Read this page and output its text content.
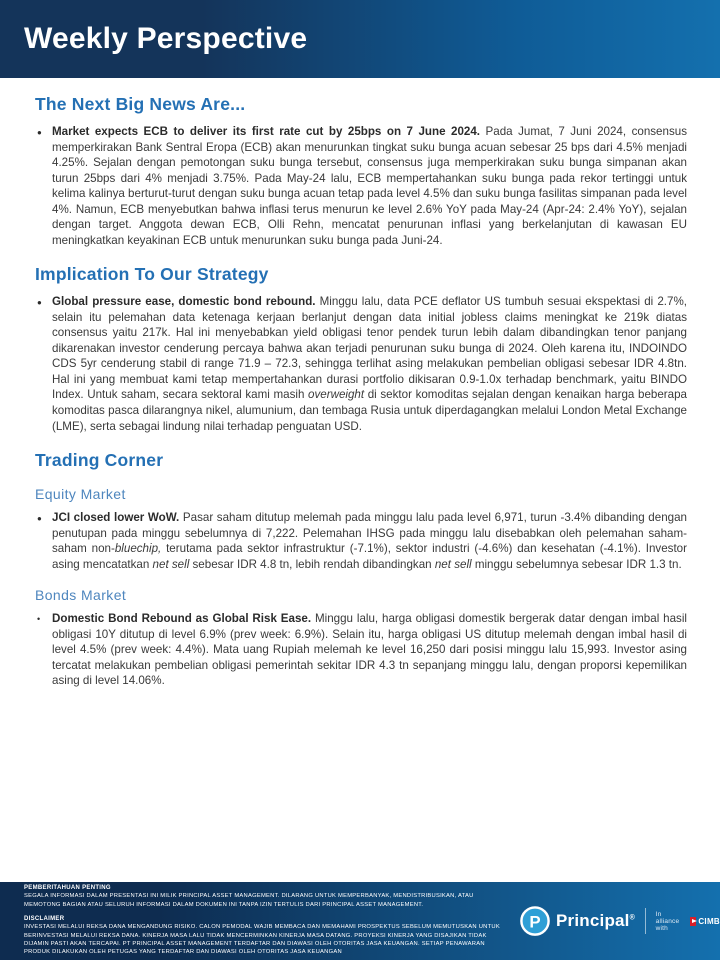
Weekly Perspective
The Next Big News Are...
● Market expects ECB to deliver its first rate cut by 25bps on 7 June 2024. Pada Jumat, 7 Juni 2024, consensus memperkirakan Bank Sentral Eropa (ECB) akan menurunkan tingkat suku bunga acuan sebesar 25 bps dari 4.5% menjadi 4.25%. Sejalan dengan pemotongan suku bunga tersebut, consensus juga memperkirakan suku bunga simpanan akan turun 25bps dari 4% menjadi 3.75%. Pada May-24 lalu, ECB mempertahankan suku bunga pada rekor tertinggi untuk kelima kalinya berturut-turut dengan suku bunga acuan tetap pada level 4.5% dan suku bunga fasilitas simpanan pada level 4%. Namun, ECB menyebutkan bahwa inflasi terus menurun ke level 2.6% YoY pada May-24 (Apr-24: 2.4% YoY), sejalan dengan target. Anggota dewan ECB, Olli Rehn, mencatat penurunan inflasi yang berkelanjutan di kawasan EU meningkatkan keyakinan ECB untuk menurunkan suku bunga pada Juni-24.

Implication To Our Strategy
● Global pressure ease, domestic bond rebound. Minggu lalu, data PCE deflator US tumbuh sesuai ekspektasi di 2.7%, selain itu pelemahan data ketenaga kerjaan berlanjut dengan data initial jobless claims meningkat ke 219k diatas consensus yaitu 217k. Hal ini menyebabkan yield obligasi tenor pendek turun lebih dalam dibandingkan tenor panjang dikarenakan investor cenderung percaya bahwa akan terjadi penurunan suku bunga di 2024. Oleh karena itu, INDOINDO CDS 5yr cenderung stabil di range 71.9 – 72.3, sehingga terlihat asing melakukan pembelian obligasi sebesar IDR 4.8tn. Hal ini yang membuat kami tetap mempertahankan durasi portfolio dikisaran 0.9-1.0x terhadap benchmark, yaitu BINDO Index. Untuk saham, secara sektoral kami masih overweight di sektor komoditas sejalan dengan kenaikan harga beberapa komoditas pasca dilarangnya nikel, alumunium, dan tembaga Rusia untuk diperdagangkan melalui London Metal Exchange (LME), serta sebagai lindung nilai terhadap penguatan USD.

Trading Corner
Equity Market
● JCI closed lower WoW. Pasar saham ditutup melemah pada minggu lalu pada level 6,971, turun -3.4% dibanding dengan penutupan pada minggu sebelumnya di 7,222. Pelemahan IHSG pada minggu lalu disebabkan oleh pelemahan saham-saham non-bluechip, terutama pada sektor infrastruktur (-7.1%), sektor industri (-4.6%) dan kesehatan (-4.1%). Investor asing mencatatkan net sell sebesar IDR 4.8 tn, lebih rendah dibandingkan net sell minggu sebelumnya sebesar IDR 1.3 tn.

Bonds Market
•	Domestic Bond Rebound as Global Risk Ease. Minggu lalu, harga obligasi domestik bergerak datar dengan imbal hasil obligasi 10Y ditutup di level 6.9% (prev week: 6.9%). Selain itu, harga obligasi US ditutup melemah dengan imbal hasil di level 4.5% (prev week: 4.4%). Mata uang Rupiah melemah ke level 16,250 dari posisi minggu lalu 15,993. Investor asing tercatat melakukan pembelian obligasi pemerintah sekitar IDR 4.3 tn sepanjang minggu lalu, dengan proporsi kepemilikan asing di level 14.06%.

PEMBERITAHUAN PENTING
SEGALA INFORMASI DALAM PRESENTASI INI MILIK PRINCIPAL ASSET MANAGEMENT. DILARANG UNTUK MEMPERBANYAK, MENDISTRIBUSIKAN, ATAU MEMOTONG BAGIAN ATAU SELURUH INFORMASI DALAM DOKUMEN INI TANPA IZIN TERTULIS DARI PRINCIPAL ASSET MANAGEMENT.
DISCLAIMER
INVESTASI MELALUI REKSA DANA MENGANDUNG RISIKO. CALON PEMODAL WAJIB MEMBACA DAN MEMAHAMI PROSPEKTUS SEBELUM MEMUTUSKAN UNTUK BERINVESTASI MELALUI REKSA DANA. KINERJA MASA LALU TIDAK MENCERMINKAN KINERJA MASA DATANG. PROYEKSI KINERJA YANG DISAJIKAN TIDAK DIJAMIN PASTI AKAN TERCAPAI. PT PRINCIPAL ASSET MANAGEMENT TERDAFTAR DAN DIAWASI OLEH OTORITAS JASA KEUANGAN. SETIAP PENAWARAN PRODUK DILAKUKAN OLEH PETUGAS YANG TERDAFTAR DAN DIAWASI OLEH OTORITAS JASA KEUANGAN
P Principal®
In alliance with
CIMB
